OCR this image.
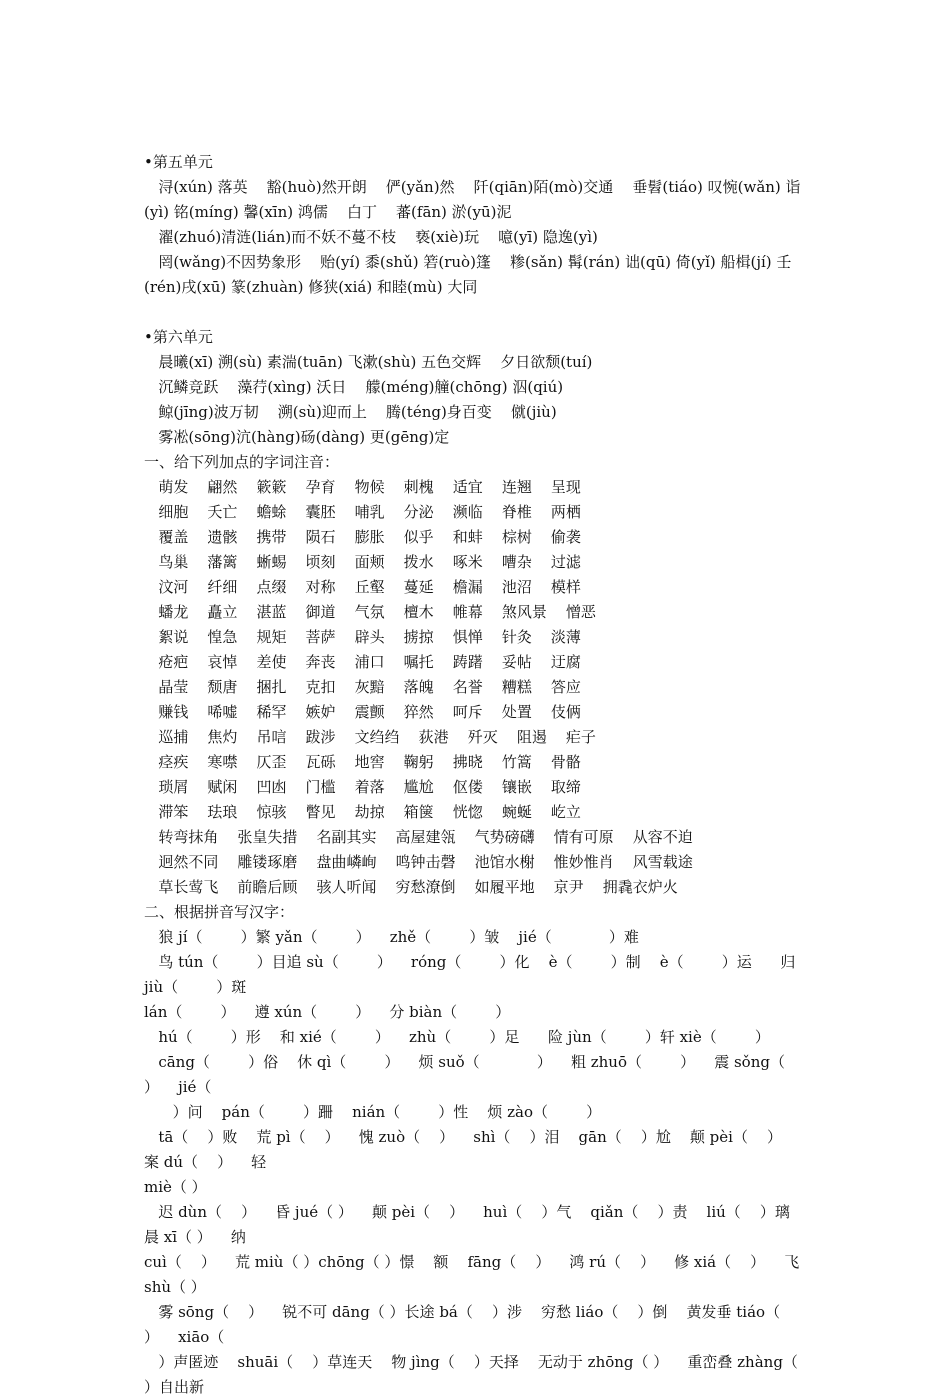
•第五单元
浔(xún) 落英    豁(huò)然开朗    俨(yǎn)然    阡(qiān)陌(mò)交通    垂髫(tiáo) 叹惋(wǎn) 诣
(yì) 铭(míng) 馨(xīn) 鸿儒    白丁    蕃(fān) 淤(yū)泥
濯(zhuó)清涟(lián)而不妖不蔓不枝    亵(xiè)玩    噫(yī) 隐逸(yì)
罔(wǎng)不因势象形    贻(yí) 黍(shǔ) 箬(ruò)篷    糁(sǎn) 髯(rán) 诎(qū) 倚(yǐ) 船楫(jí) 壬
(rén)戌(xū) 篆(zhuàn) 修狭(xiá) 和睦(mù) 大同
•第六单元
晨曦(xī) 溯(sù) 素湍(tuān) 飞漱(shù) 五色交辉    夕日欲颓(tuí)
沉鳞竞跃    藻荇(xìng) 沃日    艨(méng)艟(chōng) 泅(qiú)
鲸(jīng)波万韧    溯(sù)迎而上    腾(téng)身百变    僦(jiù)
雾凇(sōng)沆(hàng)砀(dàng) 更(gēng)定
一、给下列加点的字词注音：
萌发    翩然    簌簌    孕育    物候    刺槐    适宜    连翘    呈现
细胞    夭亡    蟾蜍    囊胚    哺乳    分泌    濒临    脊椎    两栖
覆盖    遗骸    携带    陨石    膨胀    似乎    和蚌    棕树    偷袭
鸟巢    藩篱    蜥蜴    顷刻    面颊    拨水    啄米    嘈杂    过滤
汶河    纤细    点缀    对称    丘壑    蔓延    檐漏    池沼    模样
蟠龙    矗立    湛蓝    御道    气氛    檀木    帷幕    煞风景    憎恶
絮说    惶急    规矩    菩萨    辟头    掳掠    惧惮    针灸    淡薄
疮疤    哀悼    差使    奔丧    浦口    嘱托    踌躇    妥帖    迂腐
晶莹    颓唐    捆扎    克扣    灰黯    落魄    名誉    糟糕    答应
赚钱    唏嘘    稀罕    嫉妒    震颤    猝然    呵斥    处置    伎俩
巡捕    焦灼    吊唁    跋涉    文绉绉    荻港    歼灭    阻遏    疟子
痉疾    寒噤    仄歪    瓦砾    地窖    鞠躬    拂晓    竹篙    骨骼
琐屑    赋闲    凹凼    门槛    着落    尴尬    伛偻    镶嵌    取缔
滞笨    珐琅    惊骇    瞥见    劫掠    箱箧    恍惚    蜿蜒    屹立
转弯抹角    张皇失措    名副其实    高屋建瓴    气势磅礴    情有可原    从容不迫
迥然不同    雕镂琢磨    盘曲嶙峋    鸣钟击磬    池馆水榭    惟妙惟肖    风雪载途
草长莺飞    前瞻后顾    骇人听闻    穷愁潦倒    如履平地    京尹    拥毳衣炉火
二、根据拼音写汉字：
狼 jí（        ）繁 yǎn（        ）    zhě（        ）皱    jié（            ）难
鸟 tún（        ）目追 sù（        ）    róng（        ）化    è（        ）制    è（        ）运      归 jiù（        ）斑
lán（        ）    遵 xún（        ）    分 biàn（        ）
hú（        ）形    和 xié（        ）    zhù（        ）足      险 jùn（        ）轩 xiè（        ）
cāng（        ）俗    休 qì（        ）    烦 suǒ（            ）    粗 zhuō（        ）    震 sǒng（            ）    jié（
）问    pán（        ）跚    nián（        ）性    烦 zào（        ）
tā（    ）败    荒 pì（    ）    愧 zuò（    ）    shì（    ）泪    gān（    ）尬    颠 pèi（    ）    案 dú（    ）    轻
miè（ ）
迟 dùn（    ）    昏 jué（ ）    颠 pèi（    ）    huì（    ）气    qiǎn（    ）责    liú（    ）璃    晨 xī（ ）    纳
cuì（    ）    荒 miù（ ）chōng（ ）憬    额    fāng（    ）    鸿 rú（    ）    修 xiá（    ）    飞 shù（ ）
雾 sōng（    ）    锐不可 dāng（ ）长途 bá（    ）涉    穷愁 liáo（    ）倒    黄发垂 tiáo（    ）    xiāo（
）声匿迹    shuāi（    ）草连天    物 jìng（    ）天择    无动于 zhōng（ ）    重峦叠 zhàng（    ）自出新
